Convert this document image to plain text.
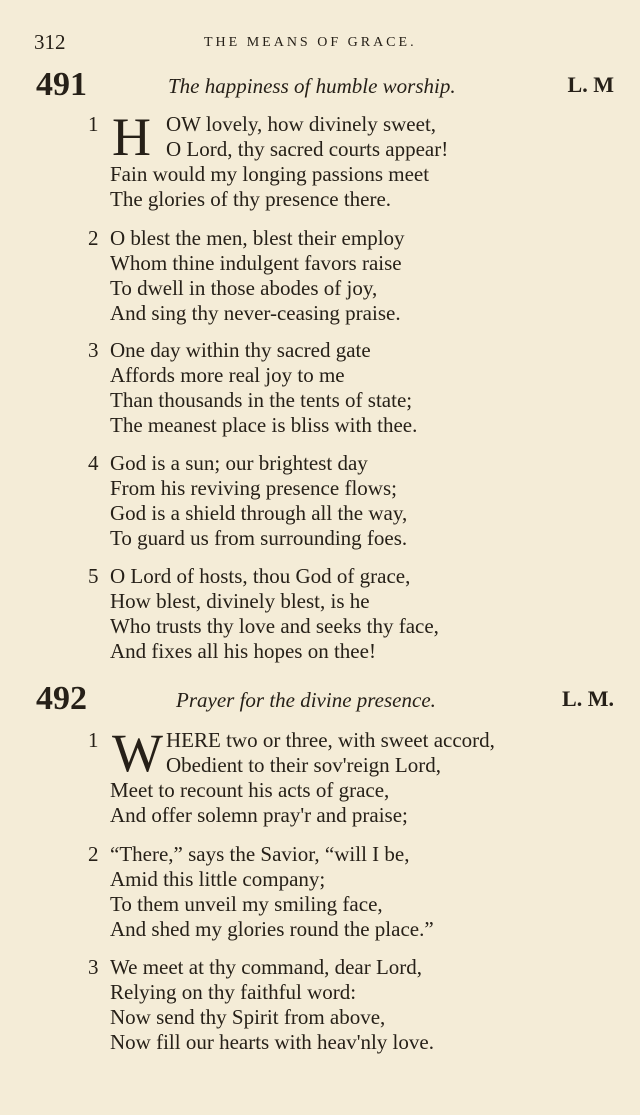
312	THE MEANS OF GRACE.
491	The happiness of humble worship.	L. M
1 H OW lovely, how divinely sweet,
O Lord, thy sacred courts appear!
Fain would my longing passions meet
The glories of thy presence there.
2 O blest the men, blest their employ
Whom thine indulgent favors raise
To dwell in those abodes of joy,
And sing thy never-ceasing praise.
3 One day within thy sacred gate
Affords more real joy to me
Than thousands in the tents of state;
The meanest place is bliss with thee.
4 God is a sun; our brightest day
From his reviving presence flows;
God is a shield through all the way,
To guard us from surrounding foes.
5 O Lord of hosts, thou God of grace,
How blest, divinely blest, is he
Who trusts thy love and seeks thy face,
And fixes all his hopes on thee!
492	Prayer for the divine presence.	L. M.
1 W HERE two or three, with sweet accord,
Obedient to their sov'reign Lord,
Meet to recount his acts of grace,
And offer solemn pray'r and praise;
2 “There,” says the Savior, “will I be,
Amid this little company;
To them unveil my smiling face,
And shed my glories round the place.”
3 We meet at thy command, dear Lord,
Relying on thy faithful word:
Now send thy Spirit from above,
Now fill our hearts with heav'nly love.
